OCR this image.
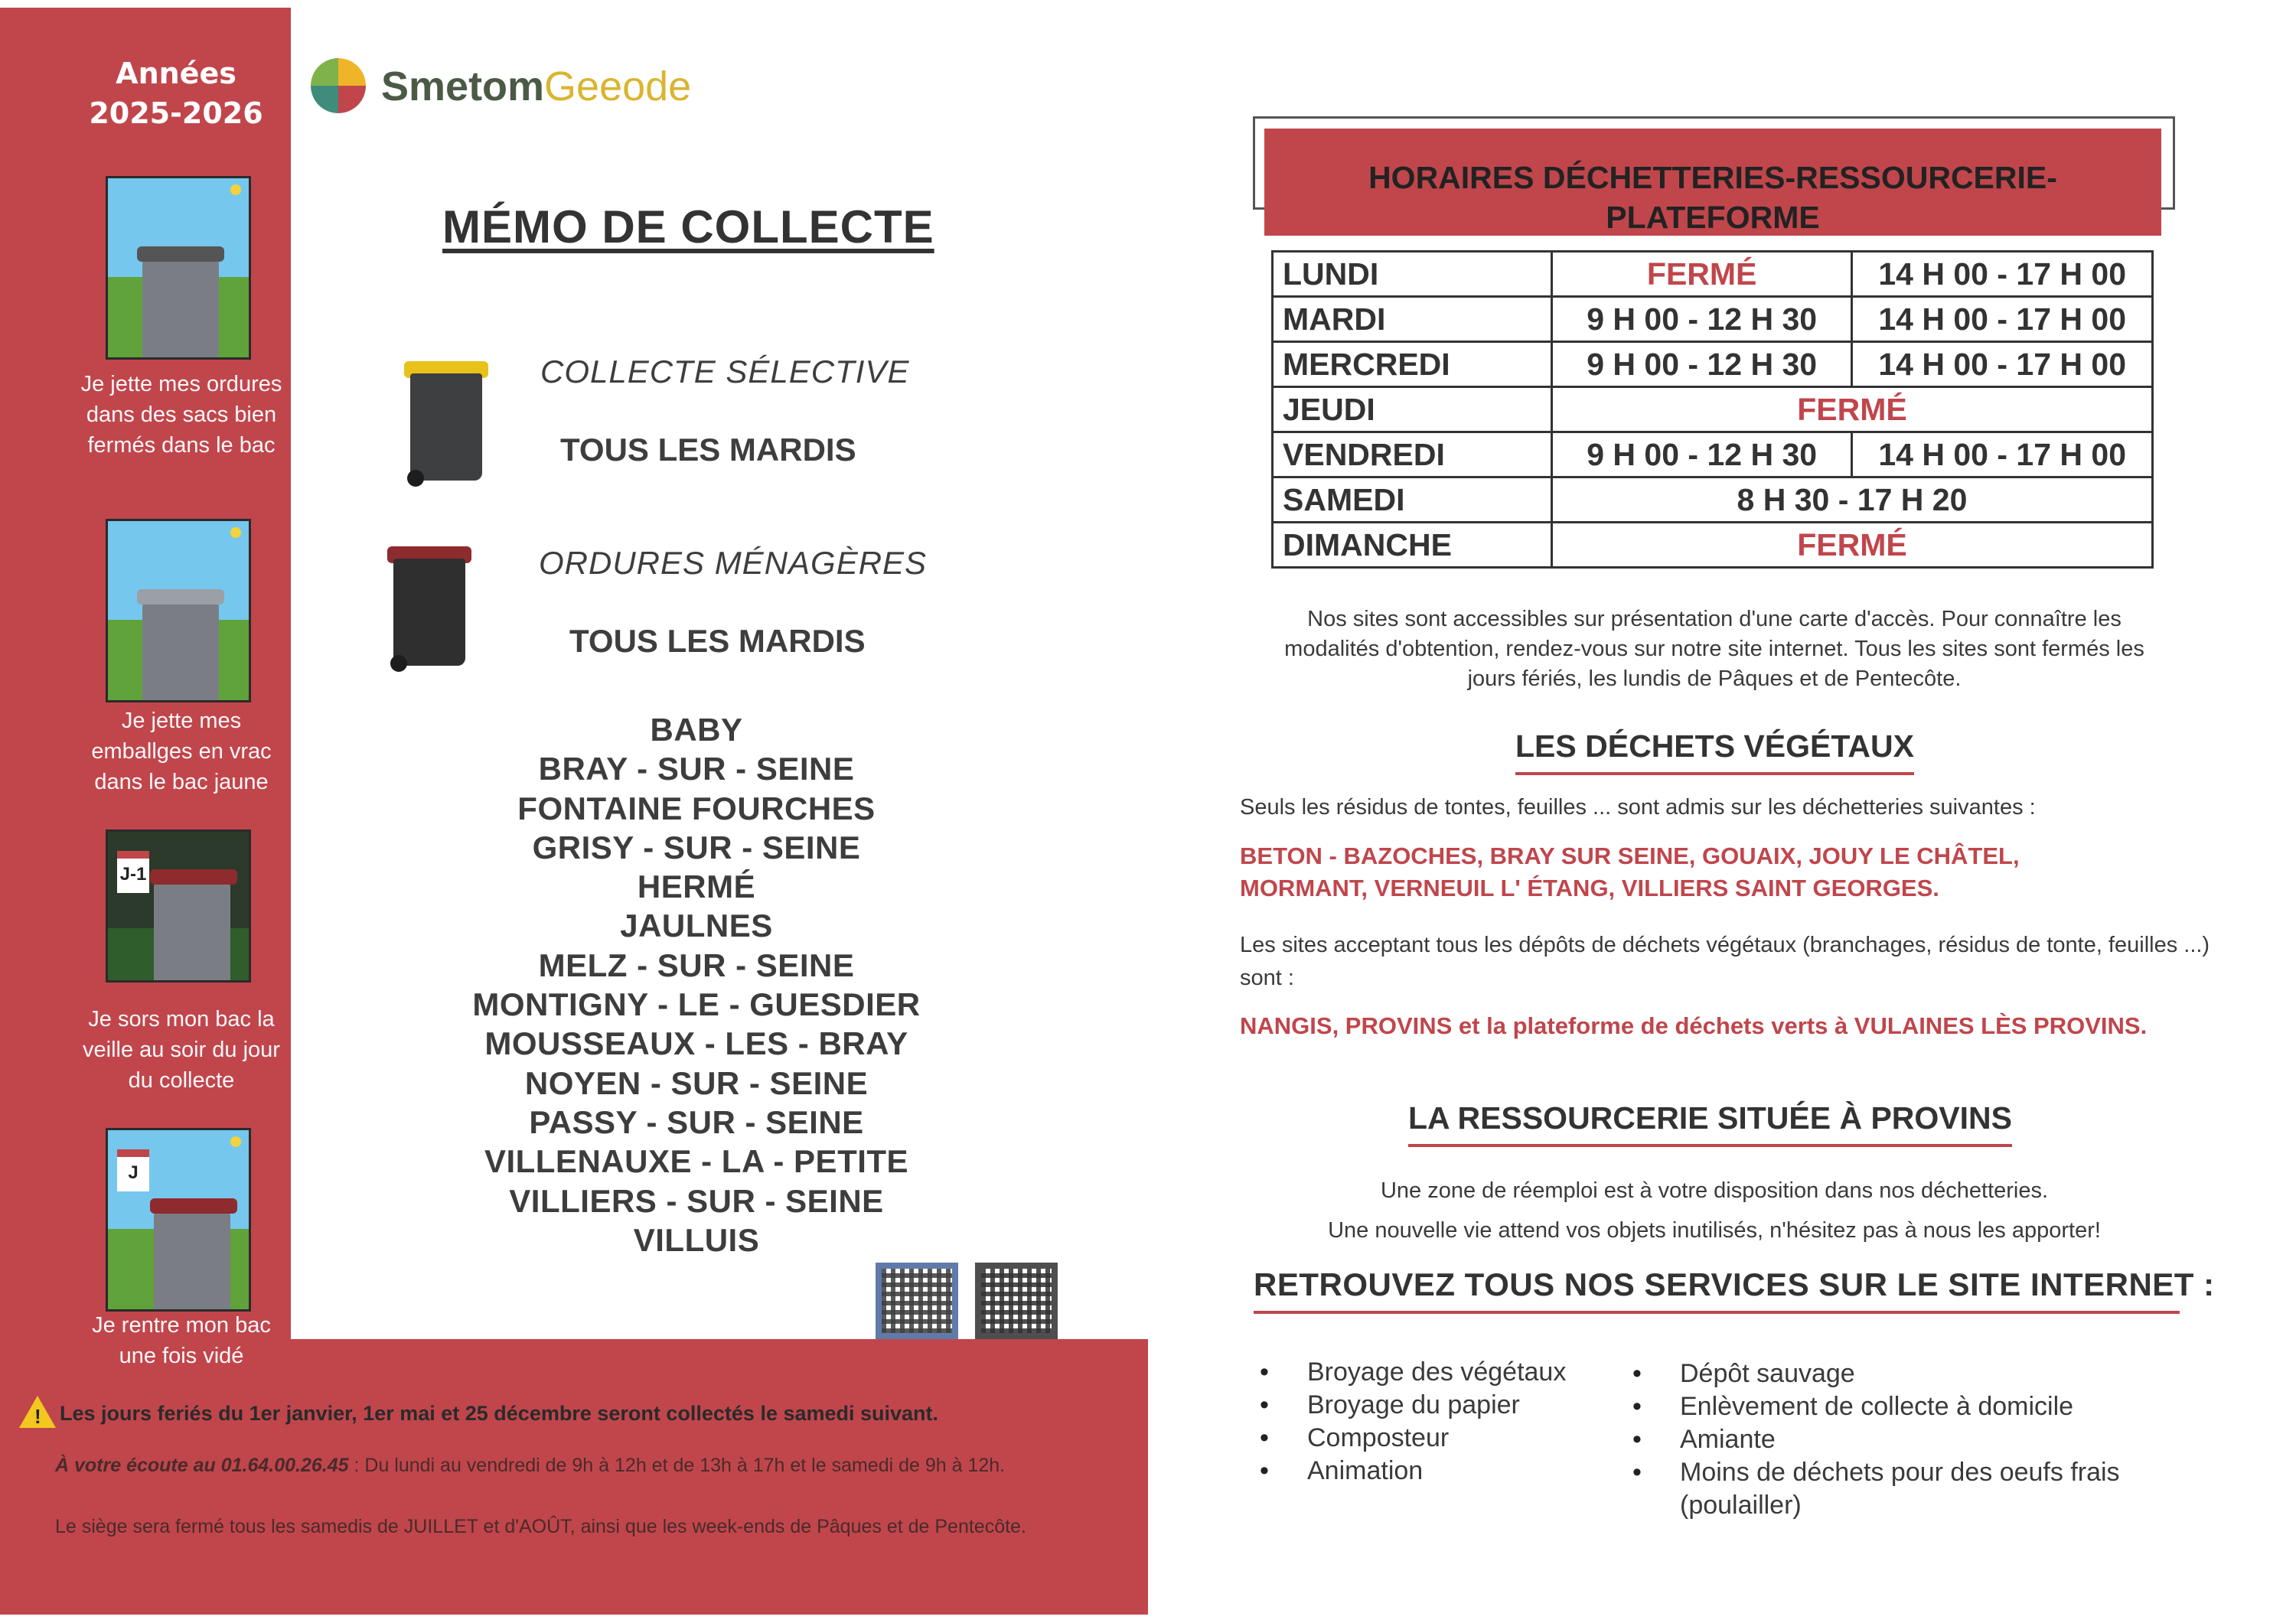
Années
2025-2026
Je jette mes ordures dans des sacs bien fermés dans le bac
Je jette mes emballges en vrac dans le bac jaune
J-1
Je sors mon bac la veille au soir du jour du collecte
J
Je rentre mon bac une fois vidé
SmetomGeeode
MÉMO DE COLLECTE
COLLECTE SÉLECTIVE
TOUS LES MARDIS
ORDURES MÉNAGÈRES
TOUS LES MARDIS
BABY
BRAY - SUR - SEINE
FONTAINE FOURCHES
GRISY - SUR - SEINE
HERMÉ
JAULNES
MELZ - SUR - SEINE
MONTIGNY - LE - GUESDIER
MOUSSEAUX - LES - BRAY
NOYEN - SUR - SEINE
PASSY - SUR - SEINE
VILLENAUXE - LA - PETITE
VILLIERS - SUR - SEINE
VILLUIS
! Les jours feriés du 1er janvier, 1er mai et 25 décembre seront collectés le samedi suivant.
À votre écoute au 01.64.00.26.45 : Du lundi au vendredi de 9h à 12h et de 13h à 17h et le samedi de 9h à 12h.
Le siège sera fermé tous les samedis de JUILLET et d'AOÛT, ainsi que les week-ends de Pâques et de Pentecôte.
HORAIRES DÉCHETTERIES-RESSOURCERIE-
PLATEFORME
LUNDI	FERMÉ	14 H 00 - 17 H 00
MARDI	9 H 00 - 12 H 30	14 H 00 - 17 H 00
MERCREDI	9 H 00 - 12 H 30	14 H 00 - 17 H 00
JEUDI	FERMÉ	
VENDREDI	9 H 00 - 12 H 30	14 H 00 - 17 H 00
SAMEDI	8 H 30 - 17 H 20	
DIMANCHE	FERMÉ	
Nos sites sont accessibles sur présentation d'une carte d'accès. Pour connaître les modalités d'obtention, rendez-vous sur notre site internet. Tous les sites sont fermés les jours fériés, les lundis de Pâques et de Pentecôte.
LES DÉCHETS VÉGÉTAUX
Seuls les résidus de tontes, feuilles ... sont admis sur les déchetteries suivantes :
BETON - BAZOCHES, BRAY SUR SEINE, GOUAIX, JOUY LE CHÂTEL,
MORMANT, VERNEUIL L' ÉTANG, VILLIERS SAINT GEORGES.
Les sites acceptant tous les dépôts de déchets végétaux (branchages, résidus de tonte, feuilles ...) sont :
NANGIS, PROVINS et la plateforme de déchets verts à VULAINES LÈS PROVINS.
LA RESSOURCERIE SITUÉE À PROVINS
Une zone de réemploi est à votre disposition dans nos déchetteries.
Une nouvelle vie attend vos objets inutilisés, n'hésitez pas à nous les apporter!
RETROUVEZ TOUS NOS SERVICES SUR LE SITE INTERNET :
• Broyage des végétaux
• Broyage du papier
• Composteur
• Animation
• Dépôt sauvage
• Enlèvement de collecte à domicile
• Amiante
• Moins de déchets pour des oeufs frais (poulailler)
